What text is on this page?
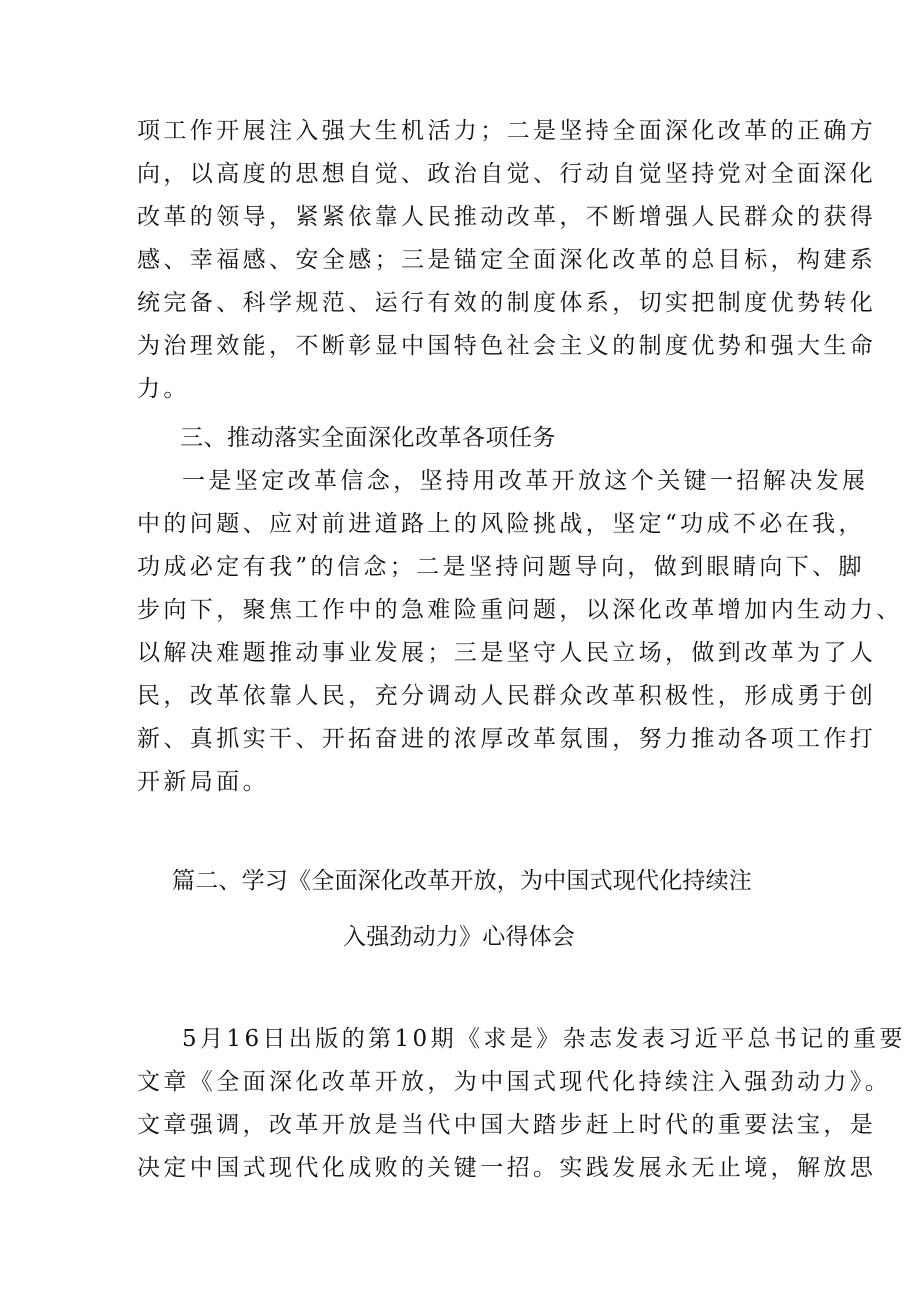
项工作开展注入强大生机活力；二是坚持全面深化改革的正确方
向，以高度的思想自觉、政治自觉、行动自觉坚持党对全面深化
改革的领导，紧紧依靠人民推动改革，不断增强人民群众的获得
感、幸福感、安全感；三是锚定全面深化改革的总目标，构建系
统完备、科学规范、运行有效的制度体系，切实把制度优势转化
为治理效能，不断彰显中国特色社会主义的制度优势和强大生命
力。
三、推动落实全面深化改革各项任务
一是坚定改革信念，坚持用改革开放这个关键一招解决发展
中的问题、应对前进道路上的风险挑战，坚定“功成不必在我，
功成必定有我”的信念；二是坚持问题导向，做到眼睛向下、脚
步向下，聚焦工作中的急难险重问题，以深化改革增加内生动力、
以解决难题推动事业发展；三是坚守人民立场，做到改革为了人
民，改革依靠人民，充分调动人民群众改革积极性，形成勇于创
新、真抓实干、开拓奋进的浓厚改革氛围，努力推动各项工作打
开新局面。
篇二、学习《全面深化改革开放，为中国式现代化持续注
入强劲动力》心得体会
5月16日出版的第10期《求是》杂志发表习近平总书记的重要
文章《全面深化改革开放，为中国式现代化持续注入强劲动力》。
文章强调，改革开放是当代中国大踏步赶上时代的重要法宝，是
决定中国式现代化成败的关键一招。实践发展永无止境，解放思
